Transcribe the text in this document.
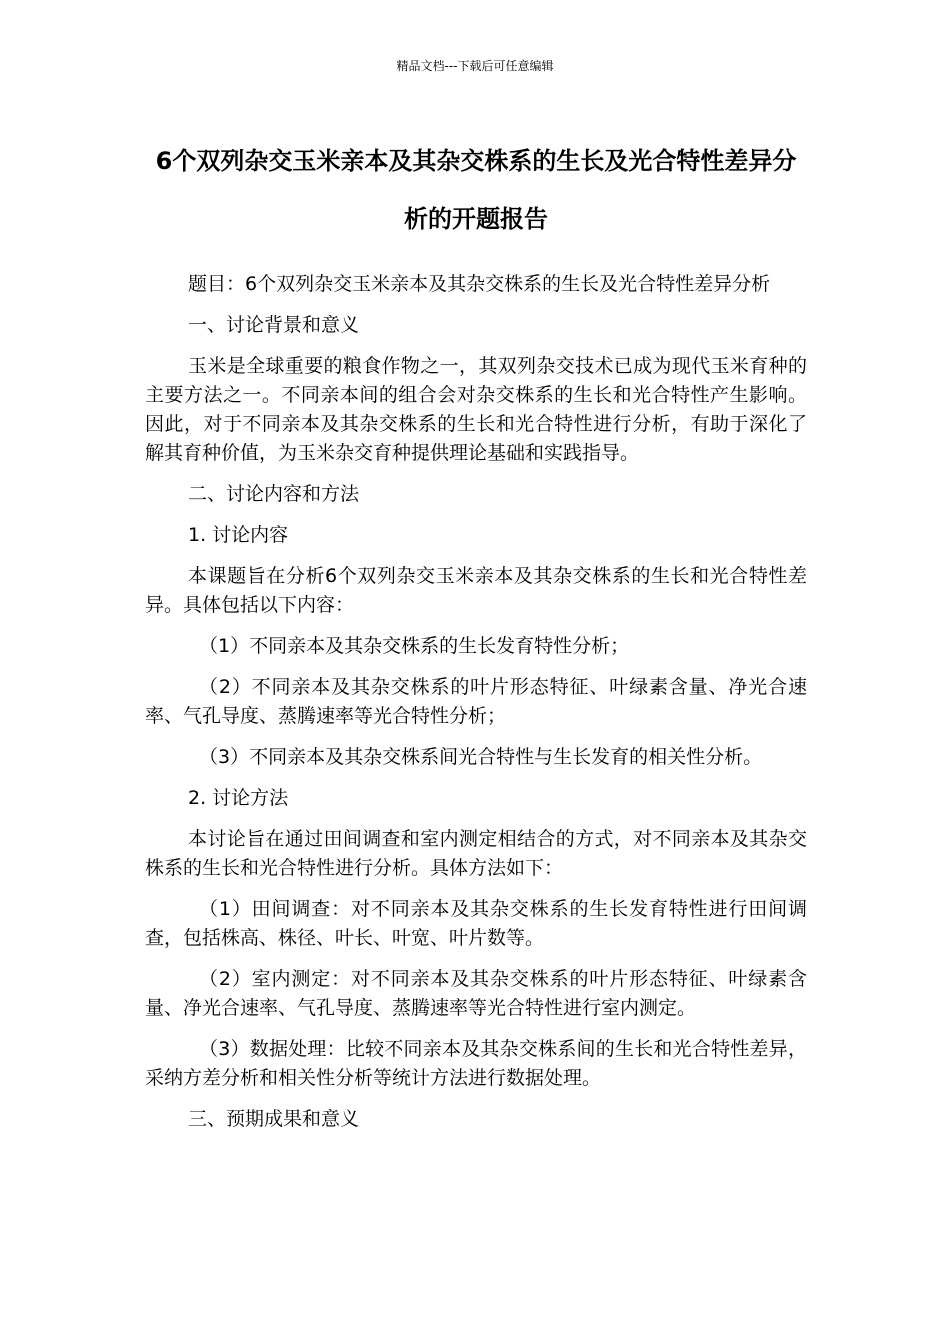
精品文档---下载后可任意编辑
6个双列杂交玉米亲本及其杂交株系的生长及光合特性差异分析的开题报告

题目：6个双列杂交玉米亲本及其杂交株系的生长及光合特性差异分析

一、讨论背景和意义

玉米是全球重要的粮食作物之一，其双列杂交技术已成为现代玉米育种的主要方法之一。不同亲本间的组合会对杂交株系的生长和光合特性产生影响。因此，对于不同亲本及其杂交株系的生长和光合特性进行分析，有助于深化了解其育种价值，为玉米杂交育种提供理论基础和实践指导。

二、讨论内容和方法

1. 讨论内容

本课题旨在分析6个双列杂交玉米亲本及其杂交株系的生长和光合特性差异。具体包括以下内容：

（1）不同亲本及其杂交株系的生长发育特性分析；

（2）不同亲本及其杂交株系的叶片形态特征、叶绿素含量、净光合速率、气孔导度、蒸腾速率等光合特性分析；

（3）不同亲本及其杂交株系间光合特性与生长发育的相关性分析。

2. 讨论方法

本讨论旨在通过田间调查和室内测定相结合的方式，对不同亲本及其杂交株系的生长和光合特性进行分析。具体方法如下：

（1）田间调查：对不同亲本及其杂交株系的生长发育特性进行田间调查，包括株高、株径、叶长、叶宽、叶片数等。

（2）室内测定：对不同亲本及其杂交株系的叶片形态特征、叶绿素含量、净光合速率、气孔导度、蒸腾速率等光合特性进行室内测定。

（3）数据处理：比较不同亲本及其杂交株系间的生长和光合特性差异，采纳方差分析和相关性分析等统计方法进行数据处理。

三、预期成果和意义
